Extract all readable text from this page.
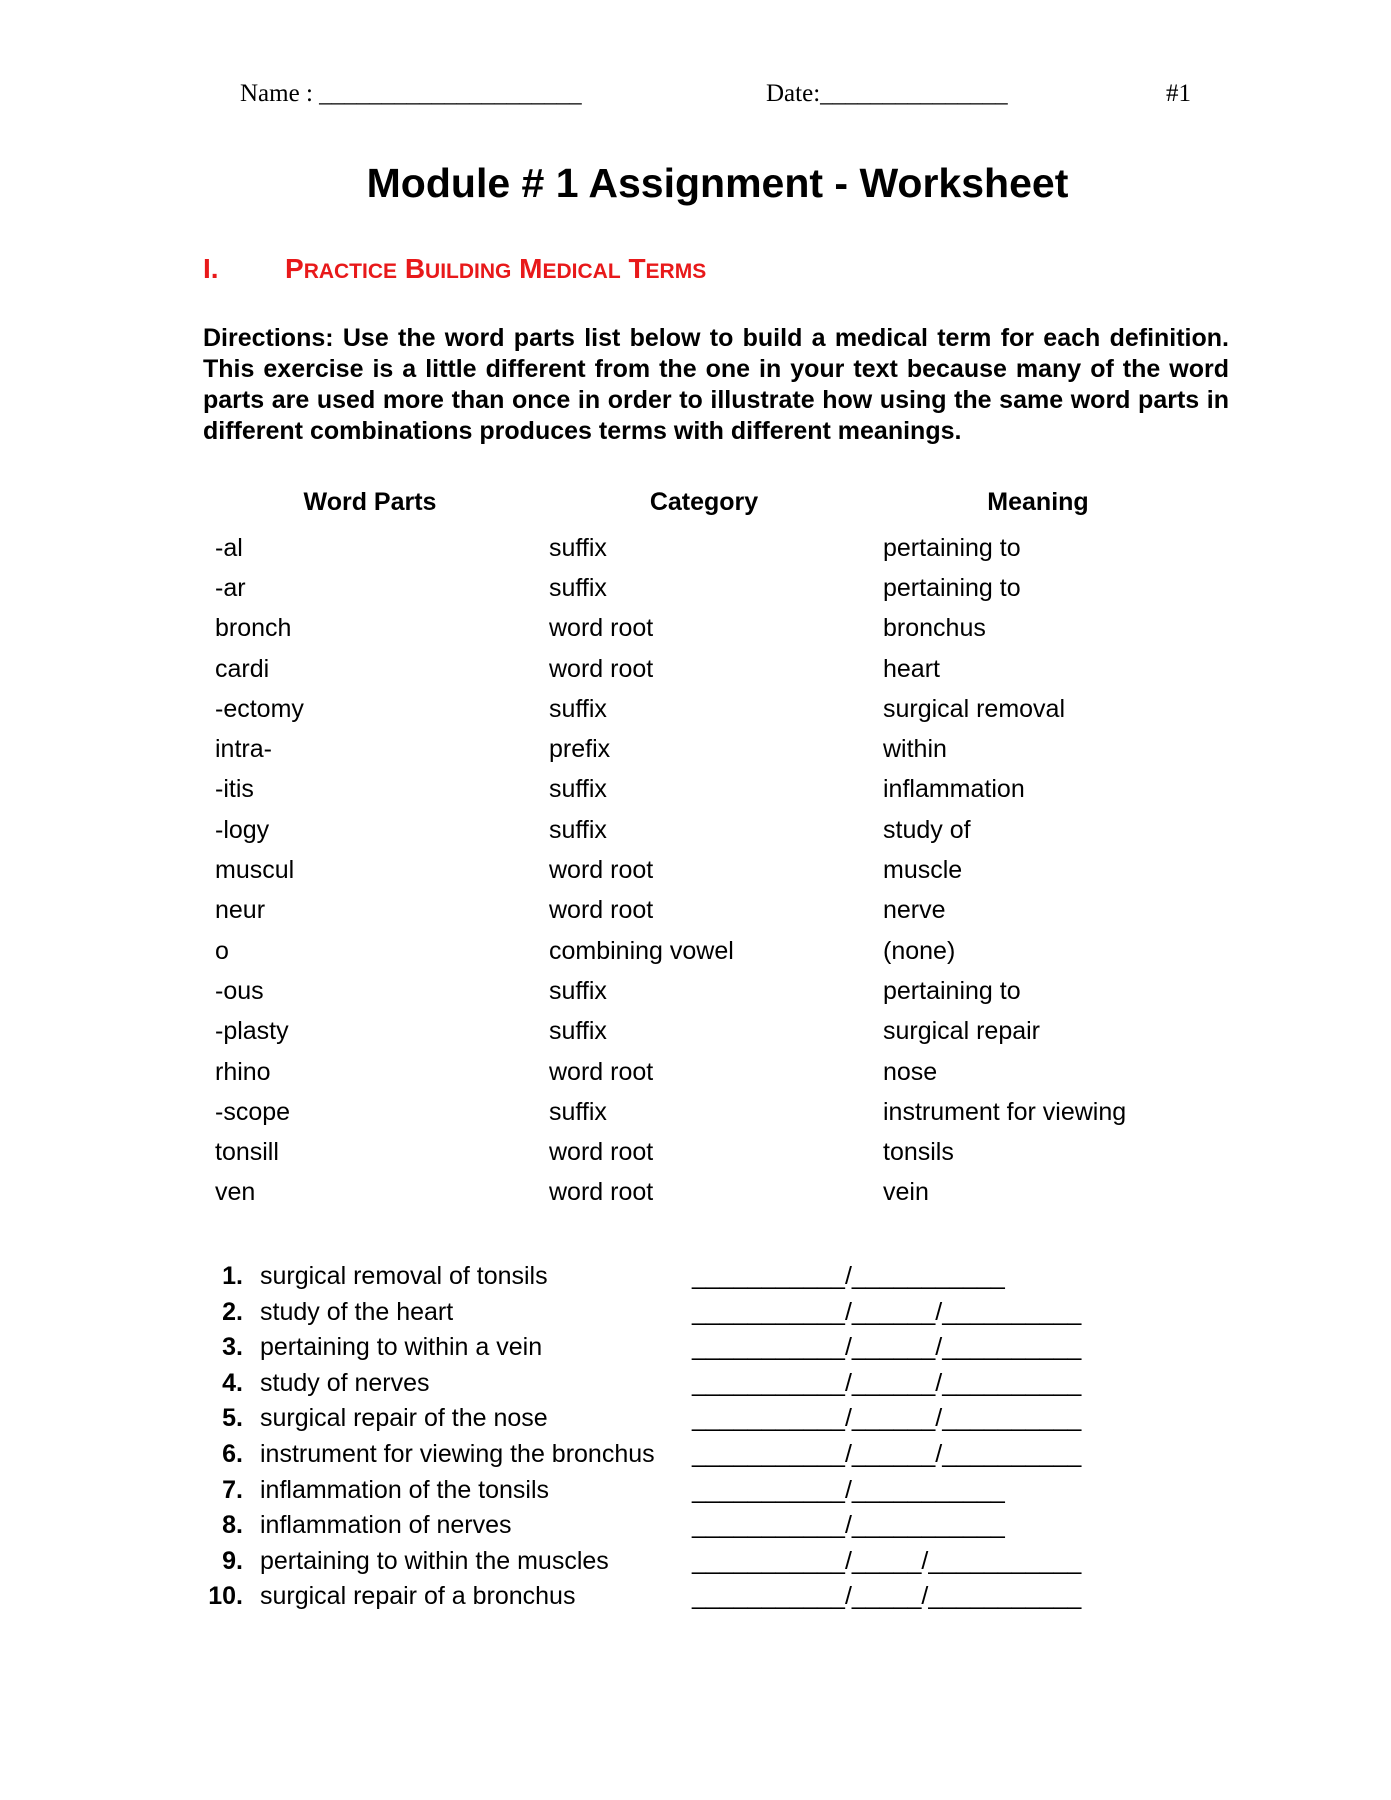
Name : _____________________	Date:_______________	#1
Module # 1 Assignment - Worksheet
I. PRACTICE BUILDING MEDICAL TERMS
Directions: Use the word parts list below to build a medical term for each definition. This exercise is a little different from the one in your text because many of the word parts are used more than once in order to illustrate how using the same word parts in different combinations produces terms with different meanings.
Word Parts	Category	Meaning
-al	suffix	pertaining to
-ar	suffix	pertaining to
bronch	word root	bronchus
cardi	word root	heart
-ectomy	suffix	surgical removal
intra-	prefix	within
-itis	suffix	inflammation
-logy	suffix	study of
muscul	word root	muscle
neur	word root	nerve
o	combining vowel	(none)
-ous	suffix	pertaining to
-plasty	suffix	surgical repair
rhino	word root	nose
-scope	suffix	instrument for viewing
tonsill	word root	tonsils
ven	word root	vein
1. surgical removal of tonsils	___________/___________
2. study of the heart	___________/______/__________
3. pertaining to within a vein	___________/______/__________
4. study of nerves	___________/______/__________
5. surgical repair of the nose	___________/______/__________
6. instrument for viewing the bronchus ___________/______/__________
7. inflammation of the tonsils	___________/___________
8. inflammation of nerves	___________/___________
9. pertaining to within the muscles	___________/_____/___________
10. surgical repair of a bronchus	___________/_____/___________
